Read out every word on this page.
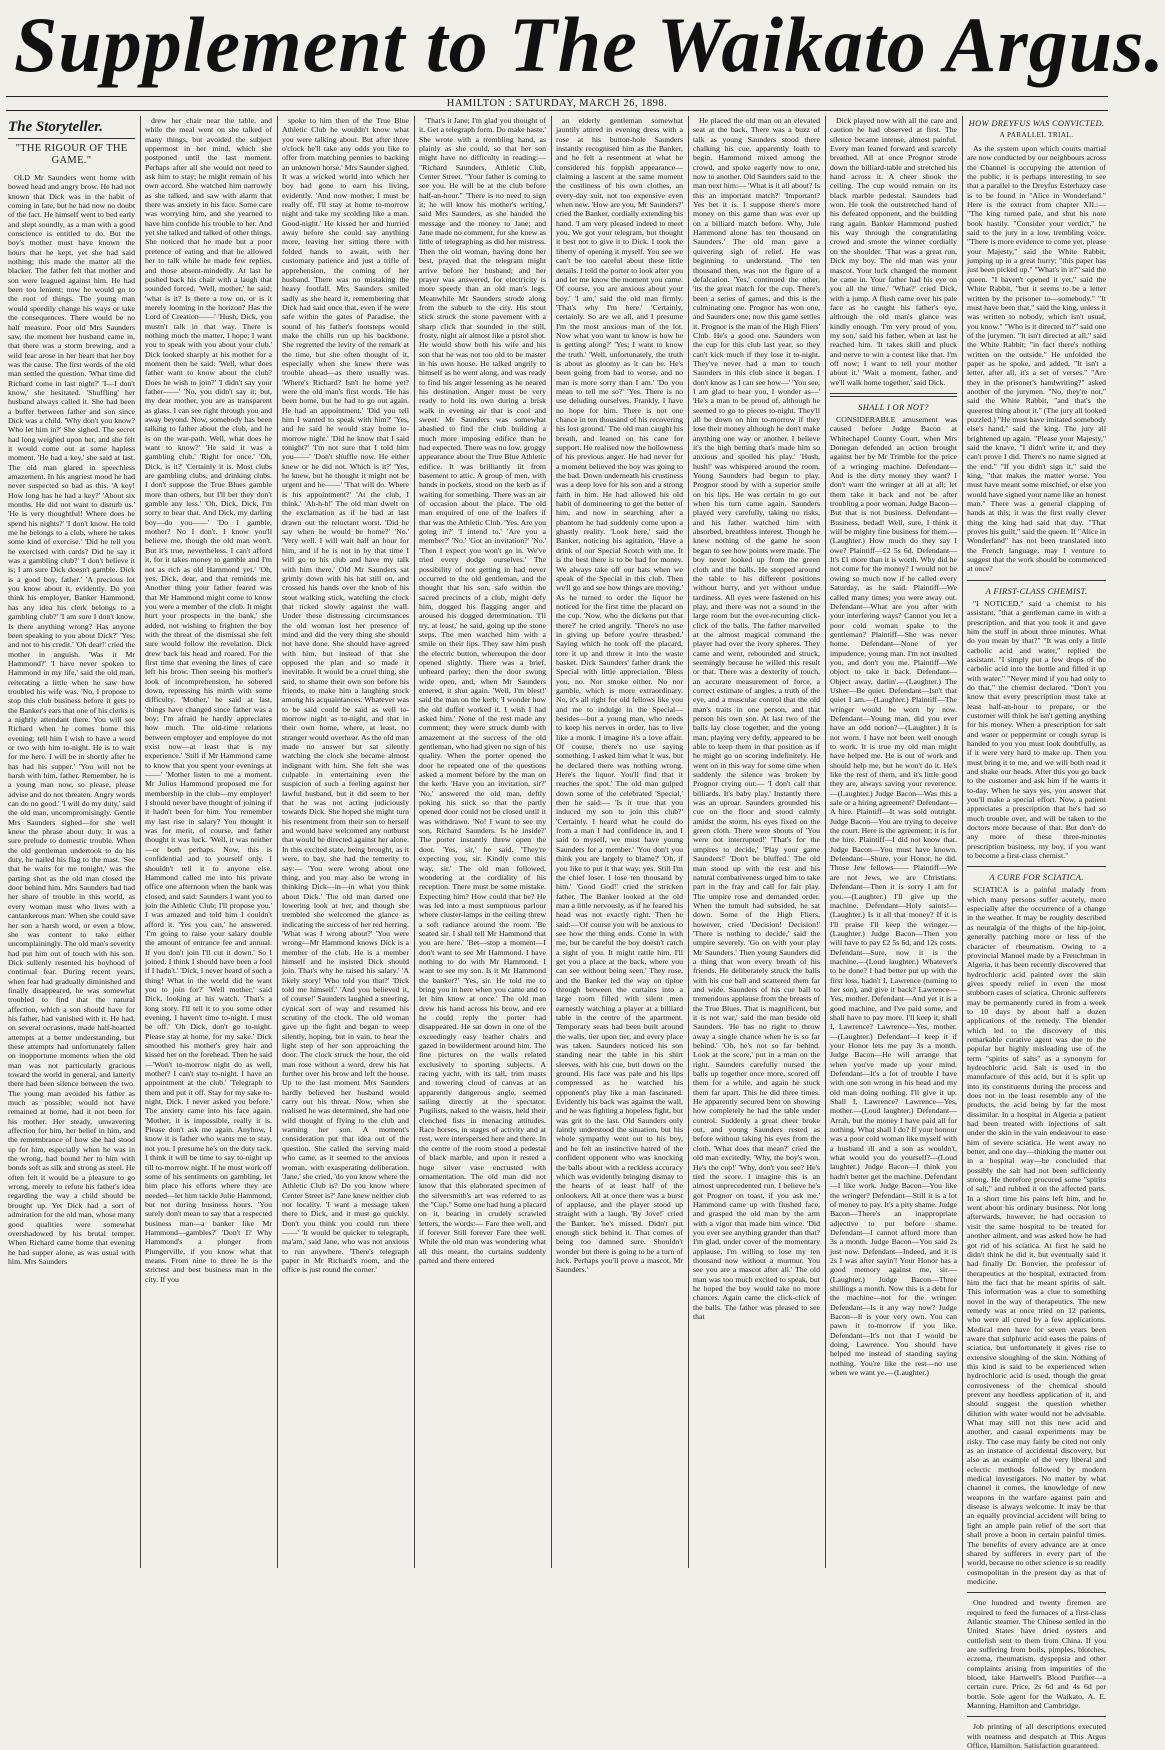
Supplement to The Waikato Argus.
HAMILTON : SATURDAY, MARCH 26, 1898.
The Storyteller.
"THE RIGOUR OF THE GAME."

OLD Mr Saunders went home with bowed head and angry brow. He had not known that Dick was in the habit of coming in late, but he had now no doubt of the fact. He himself went to bed early and slept soundly, as a man with a good conscience is entitled to do. But the boy's mother must have known the hours that he kept, yet she had said nothing; this made the matter all the blacker. The father felt that mother and son were leagued against him. He had been too lenient; now he would go to the root of things. The young man would speedily change his ways or take the consequences. There would be no half measure. Poor old Mrs Saunders saw, the moment her husband came in, that there was a storm brewing, and a wild fear arose in her heart that her boy was the cause. The first words of the old man settled the question. 'What time did Richard come in last night?' 'I—I don't know,' she hesitated. 'Shuffling' her husband always called it. She had been a buffer between father and son since Dick was a child. 'Why don't you know? Who let him in?' She sighed. The secret had long weighed upon her, and she felt it would come out at some hapless moment. 'He had a key,' she said at last. The old man glared in speechless amazement. In his angriest mood he had never suspected so bad as this. 'A key! How long has he had a key?' 'About six months. He did not want to disturb us.' 'He is very thoughtful! Where does he spend his nights?' 'I don't know. He told me he belongs to a club, where he takes some kind of exercise.' 'Did he tell you he exercised with cards? Did he say it was a gambling club?' 'I don't believe it is; I am sure Dick doesn't gamble. Dick is a good boy, father.' 'A precious lot you know about it, evidently. Do you think his employer, Banker Hammond, has any idea his clerk belongs to a gambling club?' 'I am sure I don't know. Is there anything wrong? Has anyone been speaking to you about Dick?' 'Yes; and not to his credit.' 'Oh dear!' cried the mother in anguish. 'Was it Mr Hammond?' 'I have never spoken to Hammond in my life,' said the old man, reiterating a little when he saw how troubled his wife was. 'No, I propose to stop this club business before it gets to the Banker's ears that one of his clerks is a nightly attendant there. You will see Richard when he comes home this evening; tell him I wish to have a word or two with him to-night. He is to wait for me here. I will be in shortly after he has had his supper.' 'You will not be harsh with him, father. Remember, he is a young man now, so please, please advise and do not threaten. Angry words can do no good.' 'I will do my duty,' said the old man, uncompromisingly. Gentle Mrs Saunders sighed—for she well knew the phrase about duty. It was a sure prelude to domestic trouble. When the old gentleman undertook to do his duty, he nailed his flag to the mast. 'See that he waits for me tonight,' was the parting shot as the old man closed the door behind him. Mrs Saunders had had her share of trouble in this world, as every woman must who lives with a cantankerous man. When she could save her son a harsh word, or even a blow, she was content to take either uncomplainingly. The old man's severity had put him out of touch with his son. Dick sullenly resented his boyhood of continual fear. During recent years, when fear had gradually diminished and finally disappeared, he was somewhat troubled to find that the natural affection, which a son should have for his father, had vanished with it. He had, on several occasions, made half-hearted attempts at a better understanding, but these attempts had unfortunately fallen on inopportune moments when the old man was not particularly gracious toward the world in general, and latterly there had been silence between the two. The young man avoided his father as much as possible; would not have remained at home, had it not been for his mother. Her steady, unwavering affection for him, her belief in him, and the remembrance of how she had stood up for him, especially when he was in the wrong, had bound her to him with bonds soft as silk and strong as steel. He often felt it would be a pleasure to go wrong, merely to refute his father's idea regarding the way a child should be brought up. Yet Dick had a sort of admiration for the old man, whose many good qualities were somewhat overshadowed by his brutal temper. When Richard came home that evening he had supper alone, as was usual with him. Mrs Saunders

drew her chair near the table, and while the meal went on she talked of many things, but avoided the subject uppermost in her mind, which she postponed until the last moment. Perhaps after all she would not need to ask him to stay; he might remain of his own accord. She watched him narrowly as she talked, and saw with alarm that there was anxiety in his face. Some care was worrying him, and she yearned to have him confide his trouble to her. And yet she talked and talked of other things. She noticed that he made but a poor pretence of eating and that he allowed her to talk while he made few replies, and those absent-mindedly. At last he pushed back his chair with a laugh that sounded forced. 'Well, mother,' he said; 'what is it? Is there a row on, or is it merely looming in the horizon? Has the Lord of Creation——' 'Hush, Dick, you mustn't talk in that way. There is nothing much the matter, I hope; I want you to speak with you about your club.' Dick looked sharply at his mother for a moment then he said: 'Well, what does father want to know about the club? Does he wish to join?' 'I didn't say your father——' 'No, you didn't say it; but, my dear mother, you are as transparent as glass. I can see right through you and away beyond. Now, somebody has been talking to father about the club, and he is on the war-path. Well, what does he want to know?' 'He said it was a gambling club.' 'Right for once.' 'Oh, Dick, is it?' 'Certainly it is. Most clubs are gambling clubs, and drinking clubs. I don't suppose the True Blues gamble more than others, but I'll bet they don't gamble any less.' 'Oh, Dick, Dick, I'm sorry to hear that. And Dick, my darling boy—do you——' 'Do I gamble, mother? No I don't. I know you'll believe me, though the old man won't. But it's true, nevertheless. I can't afford it, for it takes money to gamble and I'm not as rich as old Hammond yet.' 'Oh, yes, Dick, dear, and that reminds me. Another thing your father feared was that Mr Hammond might come to know you were a member of the club. It might hurt your prospects in the bank,' she added, not wishing to frighten the boy with the threat of the dismissal she felt sure would follow the revelation. Dick drew back his head and roared. For the first time that evening the lines of care left his brow. Then seeing his mother's look of incomprehension, he sobered down, repressing his mirth with some difficulty. 'Mother,' he said at last, 'things have changed since father was a boy; I'm afraid he hardly appreciates how much. The old-time relations between employer and employee do not exist now—at least that is my experience.' 'Still if Mr Hammond came to know that you spent your evenings at——' 'Mother listen to me a moment. Mr Julius Hammond proposed me for membership in the club—my employer! I should never have thought of joining if it hadn't been for him. You remember my last rise in salary? You thought it was for merit, of course, and father thought it was luck. 'Well, it was neither—or both perhaps. Now, this is confidential and to yourself only. I shouldn't tell it to anyone else. Hammond called me into his private office one afternoon when the bank was closed, and said: Saunders I want you to join the Athletic Club; I'll propose you.' I was amazed and told him I couldn't afford it. 'Yes you can,' he answered. 'I'm going to raise your salary double the amount of entrance fee and annual. If you don't join I'll cut it down.' So I joined. I think I should have been a fool if I hadn't.' 'Dick, I never heard of such a thing! What in the world did he want you to join for?' 'Well mother,' said Dick, looking at his watch. 'That's a long story. I'll tell it to you some other evening. I haven't time to-night. I must be off.' 'Oh Dick, don't go to-night. Please stay at home, for my sake.' Dick smoothed his mother's grey hair and kissed her on the forehead. Then he said—'Won't to-morrow night do as well, mother? I can't stay to-night. I have an appointment at the club.' 'Telegraph to them and put it off. Stay for my sake to-night, Dick. I never asked you before.' The anxiety came into his face again. 'Mother, it is impossible, really it is. Please don't ask me again. Anyhow, I know it is father who wants me to stay, not you. I presume he's on the duty tack. I think it will be time to say to-night up till to-morrow night. If he must work off some of his sentiments on gambling, let him place his efforts where they are needed—let him tackle Julie Hammond, but not during business hours. 'You surely don't mean to say that a respected business man—a banker like Mr Hammond—gambles?' 'Don't I? Why Hammond's a plunger from Plungerville, if you know what that means. From nine to three he is the strictest and best business man in the city. If you

spoke to him then of the True Blue Athletic Club he wouldn't know what you were talking about. But after three o'clock he'll take any odds you like to offer from matching pennies to backing an unknown horse.' Mrs Saunder sighed. It was a wicked world into which her boy had gone to earn his living, evidently. 'And now mother, I must be really off. I'll stay at home to-morrow night and take my scolding like a man. Good-night.' He kissed her and hurried away before she could say anything more, leaving her sitting there with folded hands to await, with her customary patience and just a trifle of apprehension, the coming of her husband. There was no mistaking the heavy footfall. Mrs Saunders smiled sadly as she heard it, remembering that Dick had said once that, even if he were safe within the gates of Paradise, the sound of his father's footsteps would make the chills run up his backbone. She regretted the levity of the remark at the time, but she often thought of it, especially when she knew there was trouble ahead—as there usually was. 'Where's Richard? Isn't he home yet? were the old man's first words. 'He has been home, but he had to go out again. He had an appointment.' 'Did you tell him I wanted to speak with him?' 'Yes, and he said he would stay home to-morrow night.' 'Did he know that I said tonight?' 'I'm not sure that I told him you——' 'Don't shuffle now. He either knew or he did not. Which is it?' 'Yes, he knew, but he thought it might not be urgent and he——' 'That will do. Where is his appointment?' 'At the club, I think.' 'Ah-h-h!' The old man dwelt on the exclamation as if he had at last drawn out the reluctant worst. 'Did he say when he would be home?' 'No.' 'Very well. I will wait half an hour for him, and if he is not in by that time I will go to his club and have my talk with him there.' Old Mr Saunders sat grimly down with his hat still on, and crossed his hands over the knob of his stout walking stick, watching the clock that ticked slowly against the wall. Under these distressing circumstances the old woman lost her presence of mind and did the very thing she should not have done. She should have agreed with him, but instead of that she opposed the plan and so made it inevitable. It would be a cruel thing, she said, to shame their own son before his friends, to make him a laughing stock among his acquaintances. Whatever was to be said could be said as well to-morrow night as to-night, and that in their own home, where, at least, no stranger would overhear. As the old man made no answer but sat silently watching the clock she became almost indignant with him. She felt she was culpable in entertaining even the suspicion of such a feeling against her lawful husband, but it did seem to her that he was not acting judiciously towards Dick. She hoped she might turn his resentment from their son to herself and would have welcomed any outburst that would be directed against her alone. In this excited state, being brought, as it were, to bay, she had the temerity to say:— 'You were wrong about one thing, and you may also be wrong in thinking Dick—in—in what you think about Dick.' The old man darted one lowering look at her, and though she trembled she welcomed the glance as indicating the success of her red herring. 'What was I wrong about?' 'You were wrong—Mr Hammond knows Dick is a member of the club. He is a member himself and he insisted Dick should join. That's why he raised his salary.' 'A likely story! Who told you that?' 'Dick told me himself.' 'And you believed it, of course!' Saunders laughed a sneering, cynical sort of way and resumed his scrutiny of the clock. The old woman gave up the fight and began to weep silently, hoping, but in vain, to hear the light step of her son approaching the door. The clock struck the hour, the old man rose without a word, drew his hat further over his brow and left the house. Up to the last moment Mrs Saunders hardly believed her husband would carry out his threat. Now, when she realised he was determined, she had one wild thought of flying to the club and warning her son. A moment's consideration put that idea out of the question. She called the serving maid who came, as it seemed to the anxious woman, with exasperating deliberation. 'Jane,' she cried, 'do you know where the Athletic Club is? Do you know where Center Street is?' Jane knew neither club nor locality. 'I want a message taken there to Dick, and it must go quickly. Don't you think you could run there——' 'It would be quicker to telegraph, ma'am,' said Jane, who was not anxious to run anywhere. 'There's telegraph paper in Mr Richard's room, and the office is just round the corner.'

'That's it Jane; I'm glad you thought of it. Get a telegraph form. Do make haste.' She wrote with a trembling hand, as plainly as she could, so that her son might have no difficulty in reading:— "Richard Saunders, Athletic Club, Center Street. "Your father is coming to see you. He will be at the club before half-an-hour." 'There is no need to sign it; he will know his mother's writing,' said Mrs Saunders, as she handed the message and the money to Jane; and Jane made no comment, for she knew as little of telegraphing as did her mistress. Then the old woman, having done her best, prayed that the telegram might arrive before her husband; and her prayer was answered, for electricity is more speedy than an old man's legs. Meanwhile Mr Saunders strode along from the suburb to the city. His stout stick struck the stone pavement with a sharp click that sounded in the still, frosty, night air almost like a pistol shot. He would show both his wife and his son that he was not too old to be master in his own house. He talked angrily to himself as he went along, and was ready to find his anger lessening as he neared his destination. Anger must be very ready to hold its own during a brisk walk in evening air that is cool and sweet. Mr Saunders was somewhat abashed to find the club building a much more imposing edifice than he had expected. There was no low, groggy appearance about the True Blue Athletic edifice. It was brilliantly lit from basement to attic. A group of men, with hands in pockets, stood on the kerb as if waiting for something. There was an air of occasion about the place. The old man enquired of one of the loafers if that was the Athletic Club. 'Yes. Are you going in?' 'I intend to.' 'Are you a member?' 'No.' 'Got an invitation?' 'No.' 'Then I expect you won't go in. We've tried every dodge ourselves.' The possibility of not getting in had never occurred to the old gentleman, and the thought that his son, safe within the sacred precincts of a club, might defy him, dogged his flagging anger and aroused his dogged determination. 'I'll try, at least,' he said, going up the stone steps. The men watched him with a smile on their lips. They saw him push the electric button, whereupon the door opened slightly. There was a brief, unheard parley; then the door swung wide open, and, when Mr Saunders entered, it shut again. 'Well, I'm blest!' said the man on the kerb; 'I wonder how the old duffer worked it. I wish I had asked him.' None of the rest made any comment; they were struck dumb with amazement at the success of the old gentleman, who had given no sign of his quality. When the porter opened the door he repeated one of the questions asked a moment before by the man on the kerb. 'Have you an invitation, sir?' 'No,' answered the old man, deftly poking his stick so that the partly opened door could not be closed until it was withdrawn. 'No! I want to see my son, Richard Saunders. Is he inside?' The porter instantly threw open the door. 'Yes, sir,' he said. 'They're expecting you, sir. Kindly come this way, sir.' The old man followed, wondering at the cordiality of his reception. There must be some mistake. Expecting him? How could that be? He was led into a most sumptuous parlour where cluster-lamps in the ceiling threw a soft radiance around the room. 'Be seated sir. I shall tell Mr Hammond that you are here.' 'Bet—stop a moment—I don't want to see Mr Hammond. I have nothing to do with Mr Hammond. I want to see my son. Is it Mr Hammond the banker?' 'Yes, sir. He told me to bring you in here when you came and to let him know at once.' The old man drew his hand across his brow, and ere he could reply the porter had disappeared. He sat down in one of the exceedingly easy leather chairs and gazed in bewilderment around him. The fine pictures on the walls related exclusively to sporting subjects. A racing yacht, with its tall, trim masts and towering cloud of canvas at an apparently dangerous angle, seemed sailing directly at the spectator. Pugilists, naked to the waists, held their clenched fists in menacing attitudes. Race horses, in stages of activity and at rest, were interspersed here and there. In the centre of the room stood a pedestal of black marble, and upon it rested a huge silver vase encrusted with ornamentation. The old man did not know that this elaborated specimen of the silversmith's art was referred to as the "Cup." Some one had hung a placard on it, bearing in crudely scrawled letters, the words:— Fare thee well, and if forever Still forever Fare thee well. While the old man was wondering what all this meant, the curtains suddenly parted and there entered

an elderly gentleman somewhat jauntily attired in evening dress with a rose at his button-hole Saunders instantly recognised him as the Banker, and he felt a resentment at what he considered his foppish appearance—claiming a lascent at the same moment the costliness of his own clothes, an every-day suit, not too expensive even when new. 'How are you, Mr Saunders?' cried the Banker, cordially extending his hand. 'I am very pleased indeed to meet you. We got your telegram, but thought it best not to give it to Dick. I took the liberty of opening it myself. You see we can't be too careful about these little details. I told the porter to look after you and let me know the moment you came. Of course, you are anxious about your boy.' 'I am,' said the old man firmly. 'That's why I'm here.' 'Certainly, certainly. So are we all, and I presume I'm the most anxious man of the lot. Now what you want to know is how he is getting along?' 'Yes; I want to know the truth.' 'Well, unfortunately, the truth is about as gloomy as it can be. He's been going from bad to worse, and no man is more sorry than I am.' 'Do you mean to tell me so?' 'Yes. There is no use deluding ourselves. Frankly, I have no hope for him. There is not one chance in ten thousand of his recovering his lost ground.' The old man caught his breath, and leaned on his cane for support. He realised now the hollowness of his previous anger. He had never for a moment believed the boy was going to the bad. Down underneath his crustiness was a deep love for his son and a strong faith in him. He had allowed his old habit of domineering to get the better of him, and now in searching after a phantom he had suddenly come upon a ghastly reality. 'Look here,' said the Banker, noticing his agitation, 'Have a drink of our Special Scotch with me. It is the best there is to be had for money. We always take off our hats when we speak of the Special in this club. Then we'll go and see how things are moving.' As he turned to order the liquor he noticed for the first time the placard on the cup. 'Now, who the dickens put that there?' he cried angrily. 'There's no use in giving up before you're thrashed.' Saying which he took off the placard, tore it up and threw it into the waste basket. Dick Saunders' father drank the Special with little appreciation. 'Bless you, no. Nor smoke either. No nor gamble, which is more extraordinary. No, it's all right for old fellows like you and me to indulge in the Special—besides—but a young man, who needs to keep his nerves in order, has to live like a monk. I imagine it's a love affair. Of course, there's no use saying something. I asked him what it was, but he declared there was nothing wrong. Here's the liquor. You'll find that it reaches the spot.' The old man gulped down some of the celebrated 'Special,' then he said:— 'Is it true that you induced my son to join this club?' 'Certainly. I heard what he could do from a man I had confidence in, and I said to myself, we must have young Saunders for a member.' 'You don't you think you are largely to blame?' 'Oh, if you like to put it that way; yes. Still I'm the chief loser. I lose ten thousand by him.' 'Good God!' cried the stricken father. The Banker looked at the old man a little nervously, as if he feared his head was not exactly right. Then he said:—'Of course you will be anxious to see how the thing ends. Come in with me, but be careful the boy doesn't catch a sight of you. It might rattle him. I'll get you a place at the back, where you can see without being seen.' They rose, and the Banker led the way on tiptoe through between the curtains into a large room filled with silent men earnestly watching a player at a billiard table in the centre of the apartment. Temporary seats had been built around the walls, tier upon tier, and every place was taken. Saunders noticed his son standing near the table in his shirt sleeves, with his cue, butt down on the ground. His face was pale and his lips compressed as he watched his opponent's play like a man fascinated. Evidently his back was against the wall, and he was fighting a hopeless fight, but was grit to the last. Old Saunders only faintly understood the situation, but his whole sympathy went out to his boy, and he felt an instinctive hatred of the confident opponent who was knocking the balls about with a reckless accuracy which was evidently bringing dismay to the hearts of at least half of the onlookers. All at once there was a burst of applause, and the player stood up straight with a laugh. 'By Jove!' cried the Banker, 'he's missed. Didn't put enough stick behind it. That comes of being too damned sure. Shouldn't wonder but there is going to be a turn of luck. Perhaps you'll prove a mascot, Mr Saunders.'

He placed the old man on an elevated seat at the back. There was a buzz of talk as young Saunders stood there chalking his cue, apparently loath to begin. Hammond mixed among the crowd, and spoke eagerly now to one, now to another. Old Saunders said to the man next him:— 'What is it all about? Is this an important match?' 'Important? Yes bet it is. I suppose there's more money on this game than was ever up on a billiard match before. Why, Jule Hammond alone has ten thousand on Saunders.' The old man gave a quivering sigh of relief. He was beginning to understand. The ten thousand then, was not the figure of a defalcation. 'Yes,' continued the other, 'its the great match for the cup. There's been a series of games, and this is the culminating one. Prognor has won one, and Saunders one; now this game settles it. Prognor is the man of the High Fliers' Club. He's a good one. Saunders won the cup for this club last year, so they can't kick much if they lose it to-night. They've never had a man to touch Saunders in this club since it began. I don't know as I can see how—' 'You see, I am glad to hear you, I wonder as—' 'He's a man to be proud of, although he seemed to go to pieces to-night. They'll all be down on him to-morrow if they lose their money although he don't make anything one way or another. I believe it's the high betting that's made him so anxious and spoiled his play.' 'Hush, hush!' was whispered around the room. Young Saunders had begun to play. Prognor stood by with a superior smile on his lips. He was certain to go out when his turn came again. Saunders played very carefully, taking no risks, and his father watched him with absorbed, breathless interest. Though he knew nothing of the game he soon began to see how points were made. The boy never looked up from the green cloth and the balls. He stopped around the table to his different positions without hurry, and yet without undue tardiness. All eyes were fastened on his play, and there was not a sound in the large room but the ever-recurring click-click of the balls. The father marvelled at the almost magical command the player had over the ivory spheres. They came and went, rebounded and struck, seemingly because he willed this result or that. There was a dexterity of touch, an accurate measurement of force, a correct estimate of angles, a truth of the eye, and a muscular control that the old man's traits in one person, and that person his own son. At last two of the balls lay close together, and the young man, playing very deftly, appeared to be able to keep them in that position as if he might go on scoring indefinitely. He went on in this way for some time when suddenly the silence was broken by Prognor crying out:— 'I don't call that billiards. It's baby play.' Instantly there was an uproar. Saunders grounded his cue on the floor and stood calmly amidst the storm, his eyes fixed on the green cloth. There were shouts of 'You were not interrupted!' 'That's for the umpires to decide,' 'Play your game Saunders!' 'Don't be bluffed.' The old man stood up with the rest and his natural combativeness urged him to take part in the fray and call for fair play. The umpire rose and demanded order. When the tumult had subsided, he sat down. Some of the High Fliers, however, cried 'Decision! Decision!' 'There is nothing to decide,' said the umpire severely. 'Go on with your play Mr Saunders.' Then young Saunders did a thing that won every breath of his friends. He deliberately struck the balls with his cue ball and scattered them far and wide. Saunders of his cue ball to tremendous applause from the breasts of the True Blues. That is magnificent, but it is not war,' said the man beside old Saunders. 'He has no right to throw away a single chance when he is so far behind.' 'Oh, he's not so far behind. Look at the score,' put in a man on the right. Saunders carefully nursed the balls up together once more, scored off them for a while, and again he stuck them far apart. This he did three times. He apparently secured bent on showing how completely he had the table under control. Suddenly a great cheer broke out, and young Saunders rested as before without taking his eyes from the cloth. 'What does that mean?' cried the old man excitedly. 'Why, the boy's won. He's the cup!' 'Why, don't you see? He's tied the score. I imagine this is an almost unprecedented run. I believe he's got Prognor on toast, if you ask me.' Hammond came up with flushed face, and grasped the old man by the arm with a vigor that made him wince. 'Did you ever see anything grander than that? I'm glad, under cover of the momentary applause, I'm willing to lose my ten thousand now without a murmur. You see you are a mascot after all.' The old man was too much excited to speak, but he hoped the boy would take no more chances. Again came the click-click of the balls. The father was pleased to see that

Dick played now with all the care and caution he had observed at first. The silence became intense, almost painful. Every man leaned forward and scarcely breathed. All at once Prognor strode down the billiard-table and stretched his hand across it. A cheer shook the ceiling. The cup would remain on its black marble pedestal. Saunders had won. He took the outstretched hand of his defeated opponent, and the building rang again. Banker Hammond pushed his way through the congratulating crowd and smote the winner cordially on the shoulder. 'That was a great run, Dick my boy. The old man was your mascot. Your luck changed the moment he came in. Your father had his eye on you all the time.' 'What?' cried Dick, with a jump. A flush came over his pale face as he caught his father's eye, although the old man's glance was kindly enough. 'I'm very proud of you, my son,' said his father, when at last he reached him. 'It takes skill and pluck and nerve to win a contest like that. I'm off now; I want to tell your mother about it.' 'Wait a moment, father, and we'll walk home together,' said Dick.

SHALL I OR NOT?

CONSIDERABLE amusement was caused before Judge Bacon at Whitechapel County Court, when Mrs Donegan defended an action brought against her by Mr Trimble for the price of a wringing machine. Defendant—And is the dirty money they want? I don't want the wringer at all at all; let them take it back and not be after troubling a poor woman. Judge Bacon—But that is not business. Defendant—Business, bedad! Well, sure, I think it will be mighty fine business for them.—(Laughter.) How much do they say I owe? Plaintiff—£2 5s 6d. Defendant—It's £1 more than it is worth. Why did he not come for the money? I would not be owing so much now if he called every Saturday, as he said. Plaintiff—We called many times; you were away out. Defendant—What are you after with your interfering ways? Cannot you let a poor cold woman spake to the gentleman? Plaintiff—She was never home. Defendant—None of yer impudence, young man. I'm not insulted you, and don't you me. Plaintiff—We object to take it back. Defendant—Object away, darlin'.—(Laughter.) The Usher—Be quiet. Defendant—Isn't that quiet I am.—(Laughter.) Plaintiff—The wringer would be worn by now. Defendant—Young man, did you ever have an odd notion?—(Laughter.) It is not worn. I have not been well enough to work. It is true my old man might have helped me. He is out of work and should help me, but he won't do it. He's like the rest of them, and it's little good they are, always saving your reverence.—(Laughter.) Judge Bacon—Was this a sale or a hiring agreement? Defendant—A hire. Plaintiff—It was sold outright. Judge Bacon—You are trying to deceive the court. Here is the agreement; it is for the hire. Plaintiff—I did not know that. Judge Bacon—You must have known. Defendant—Shure, your Honor, he did. Those Jew fellows—— Plaintiff—We are not Jews, we are Christians. Defendant—Then it is sorry I am for you.—(Laughter.) I'll give up the machine. Defendant—Holy saints!—(Laughter.) Is it all that money? If it is I'll praise I'll keep the wringer.—(Laughter.) Judge Bacon—Then you will have to pay £2 5s 6d, and 12s costs. Defendant—Sure, now it is the machine.—(Loud laughter.) Whatever's to be done? I had better put up with the first loss, hadn't I, Lawrence (turning to her son), and give it back? Lawrence—Yes, mother. Defendant—And yet it is a good machine, and I've paid some, and shall have to pay more. I'll keep it, shall I, Lawrence? Lawrence—Yes, mother.—(Laughter.) Defendant—I keep it if your Honor lets me pay 3s a month. Judge Bacon—He will arrange that when you've made up your mind. Defendant—It's a lot of trouble I have with one son wrong in his head and my old man doing nothing. I'll give it up. Shall I, Lawrence? Lawrence—Yes, mother.—(Loud laughter.) Defendant—Arrah, but the money I have paid all for nothing. What shall I do? If your honour was a poor cold woman like myself with a husband ill and a son as wouldn't, what would you do yourself?—(Loud laughter.) Judge Bacon—I think you hadn't better get the machine. Defendant—I like work. Judge Bacon—You like the wringer? Defendant—Still it is a lot of money to pay. It's a pity shame. Judge Bacon—There's an inappropriate adjective to put before shame. Defendant—I cannot afford more than 3s a month. Judge Bacon—You said 2s just now. Defendant—Indeed, and it is 2s I was after sayin'! Your Honor has a good memory against me, sir.—(Laughter.) Judge Bacon—Three shillings a month. Now this is a debt for the machine—not for the wringer. Defendant—Is it any way now? Judge Bacon—It is your very own. You can pawn it to-morrow if you like. Defendant—It's not that I would be doing, Lawrence. You should have helped me instead of standing saying nothing. You're like the rest—no use when we want ye.—(Laughter.)

HOW DREYFUS WAS CONVICTED.
A PARALLEL TRIAL.

As the system upon which courts martial are now conducted by our neighbours across the Channel is occupying the attention of the public, it is perhaps interesting to see that a parallel to the Dreyfus Esterhazy case is to be found in "Alice in Wonderland." Here is the extract from chapter XII.:— "The king turned pale, and shut his note book hastily. "Consider your verdict," he said to the jury in a low, trembling voice. "There is more evidence to come yet, please your Majesty," said the White Rabbit, jumping up in a great hurry; "this paper has just been picked up." "What's in it?" said the queen. "I haven't opened it yet," said the White Rabbit, "but it seems to be a letter written by the prisoner to—somebody." "It must have been that," said the king, unless it was written to nobody, which isn't usual, you know." "Who is it directed to?" said one of the jurymen. "It isn't directed at all," said the White Rabbit; "in fact there's nothing written on the outside." He unfolded the paper as he spoke, and added, "It isn't a letter, after all, it's a set of verses." "Are they in the prisoner's handwriting?" asked another of the jurymen. "No, they're not," said the White Rabbit, "and that's the queerest thing about it." (The jury all looked puzzled.) "He must have imitated somebody else's hand," said the king. The jury all brightened up again. "Please your Majesty," said the knave, "I didn't write it, and they can't prove I did. There's no name signed at the end." "If you didn't sign it," said the king, "that makes the matter worse. You must have meant some mischief, or else you would have signed your name like an honest man." There was a general clapping of hands at this; it was the first really clever thing the king had said that day. "That proves his guilt," said the queen. If "Alice in Wonderland" has not been translated into the French language, may I venture to suggest that the work should be commenced at once?

A FIRST-CLASS CHEMIST.

"I NOTICED," said a chemist to his assistant, "that a gentleman came in with a prescription, and that you took it and gave him the stuff in about three minutes. What do you mean by that?" "It was only a little carbolic acid and water," replied the assistant. "I simply put a few drops of the carbolic acid into the bottle and filled it up with water." "Never mind if you had only to do that," the chemist declared. "Don't you know that every prescription must take at least half-an-hour to prepare, or the customer will think he isn't getting anything for his money. When a prescription for salt and water or peppermint or cough syrup is handed to you you must look doubtfully, as if it were very hard to make up. Then you must bring it to me, and we will both read it and shake our heads. After this you go back to the customer and ask him if he wants it to-day. When he says yes, you answer that you'll make a special effort. Now, a patient appreciates a prescription that he's had so much trouble over, and will be taken to the doctors more because of that. But don't do any more of these three-minutes prescription business, my boy, if you want to become a first-class chemist."

A CURE FOR SCIATICA.

SCIATICA is a painful malady from which many persons suffer acutely, more especially after the occurrence of a change in the weather. It may be roughly described as neuralgia of the thighs of the hip-joint, generally patching more or less of the character of rheumatism. Owing to a provincial Manuel made by a Frenchman in Algeria, it has been recently discovered that hydrochloric acid painted over the skin gives speedy relief in even the most stubborn cases of sciatica. Chronic sufferers may be permanently cured in from a week to 10 days by about half a dozen applications of the remedy. The blender which led to the discovery of this remarkable curative agent was due to the popular but highly misleading use of the term "spirits of salts" as a synonym for hydrochloric acid. Salt is used in the manufacture of this acid, but it is split up into its constituents during the process and does not in the least resemble any of the products, the acid being by far the most dissimilar. In a hospital in Algeria a patient had been treated with injections of salt under the skin in the vain endeavour to ease him of severe sciatica. He went away no better, and one day—thinking the matter out in a hospital way—he concluded that possibly the salt had not been sufficiently strong. He therefore procured some "spirits of salt," and rubbed it on the affected parts. In a short time his pains left him, and he went about his ordinary business. Not long afterwards, however, he had occasion to visit the same hospital to be treated for another ailment, and was asked how he had got rid of his sciatica. At first he said he didn't think he did it, but eventually said it had finally Dr. Bonvier, the professor of therapeutics at the hospital, extracted from him the fact that he meant spirits of salt. This information was a clue to something novel in the way of therapeutics. The new remedy was at once tried on 12 patients, who were all cured by a few applications. Medical men have for seven years been aware that sulphuric acid eases the pains of sciatica, but unfortunately it gives rise to extensive sloughing of the skin. Nothing of this kind is said to be experienced when hydrochloric acid is used, though the great corrosiveness of the chemical should prevent any heedless application of it, and should suggest the question whether dilution with water would not be advisable. What may still not this new acid and another, and casual experiments may be risky. The case may fairly be cited not only as an instance of accidental discovery, but also as an example of the very liberal and eclectic methods followed by modern medical investigators. No matter by what channel it comes, the knowledge of new weapons in the warfare against pain and disease is always welcome. It may be that an equally provincial accident will bring to light an ample pain relief of the sort that shall prove a boon in certain painful times. The benefits of every advance are at once shared by sufferers in every part of the world, because no other science is so readily cosmopolitan in the present day as that of medicine.

One hundred and twenty firemen are required to feed the furnaces of a first-class Atlantic steamer. The Chinese settled in the United States have dried oysters and cuttlefish sent to them from China. If you are suffering from boils, pimples, blotches, eczema, rheumatism, dyspepsia and other complaints arising from impurities of the blood, take Hartwell's Blood Purifier—a certain cure. Price, 2s 6d and 4s 6d per bottle. Sole agent for the Waikato, A. E. Manning, Hamilton and Cambridge.

Job printing of all descriptions executed with neatness and despatch at This Argus Office, Hamilton. Satisfaction guaranteed.
